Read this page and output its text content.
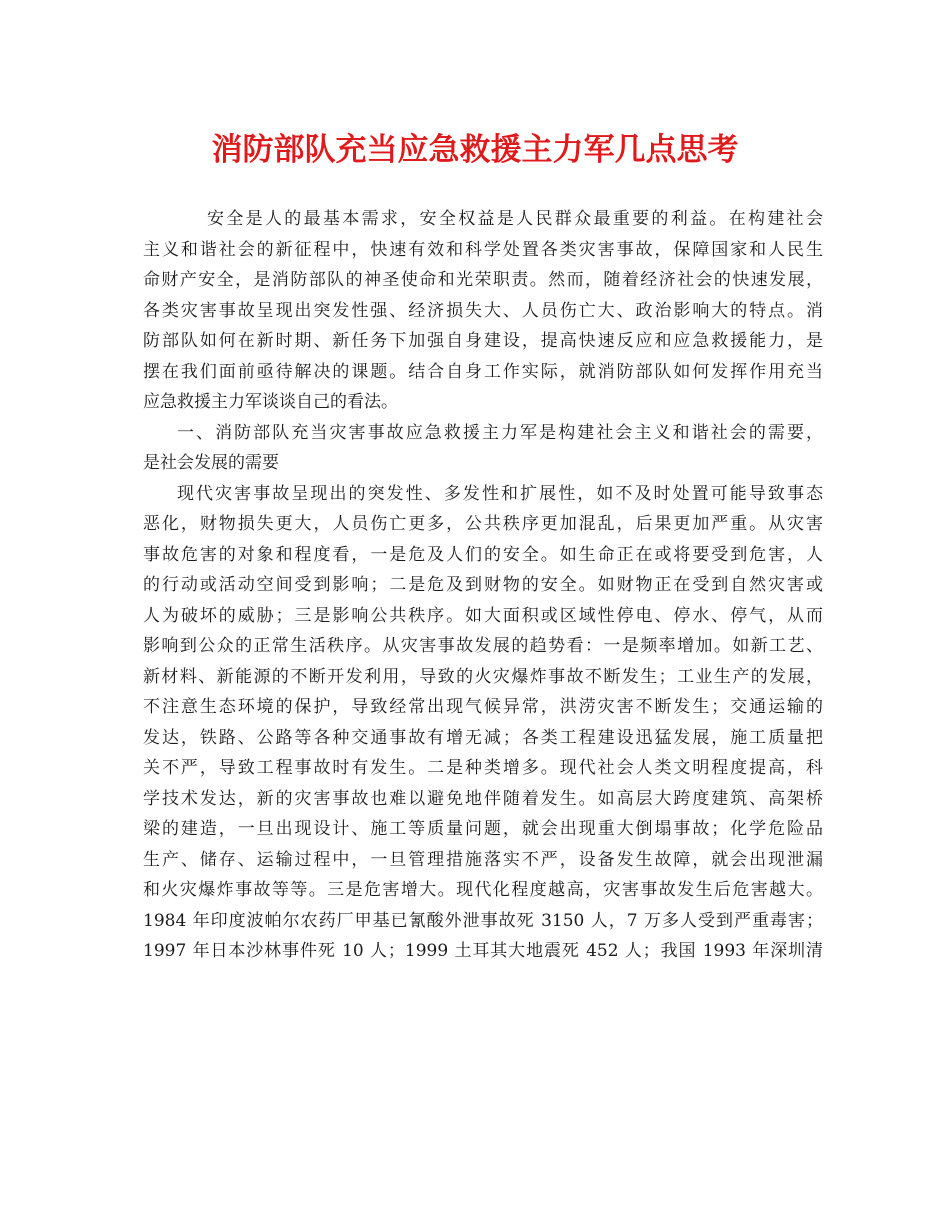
消防部队充当应急救援主力军几点思考
安全是人的最基本需求，安全权益是人民群众最重要的利益。在构建社会
主义和谐社会的新征程中，快速有效和科学处置各类灾害事故，保障国家和人民生
命财产安全，是消防部队的神圣使命和光荣职责。然而，随着经济社会的快速发展，
各类灾害事故呈现出突发性强、经济损失大、人员伤亡大、政治影响大的特点。消
防部队如何在新时期、新任务下加强自身建设，提高快速反应和应急救援能力，是
摆在我们面前亟待解决的课题。结合自身工作实际，就消防部队如何发挥作用充当
应急救援主力军谈谈自己的看法。
一、消防部队充当灾害事故应急救援主力军是构建社会主义和谐社会的需要，
是社会发展的需要
现代灾害事故呈现出的突发性、多发性和扩展性，如不及时处置可能导致事态
恶化，财物损失更大，人员伤亡更多，公共秩序更加混乱，后果更加严重。从灾害
事故危害的对象和程度看，一是危及人们的安全。如生命正在或将要受到危害，人
的行动或活动空间受到影响；二是危及到财物的安全。如财物正在受到自然灾害或
人为破坏的威胁；三是影响公共秩序。如大面积或区域性停电、停水、停气，从而
影响到公众的正常生活秩序。从灾害事故发展的趋势看：一是频率增加。如新工艺、
新材料、新能源的不断开发利用，导致的火灾爆炸事故不断发生；工业生产的发展，
不注意生态环境的保护，导致经常出现气候异常，洪涝灾害不断发生；交通运输的
发达，铁路、公路等各种交通事故有增无减；各类工程建设迅猛发展，施工质量把
关不严，导致工程事故时有发生。二是种类增多。现代社会人类文明程度提高，科
学技术发达，新的灾害事故也难以避免地伴随着发生。如高层大跨度建筑、高架桥
梁的建造，一旦出现设计、施工等质量问题，就会出现重大倒塌事故；化学危险品
生产、储存、运输过程中，一旦管理措施落实不严，设备发生故障，就会出现泄漏
和火灾爆炸事故等等。三是危害增大。现代化程度越高，灾害事故发生后危害越大。
1984 年印度波帕尔农药厂甲基已氰酸外泄事故死 3150 人，7 万多人受到严重毒害；
1997 年日本沙林事件死 10 人；1999 土耳其大地震死 452 人；我国 1993 年深圳清
